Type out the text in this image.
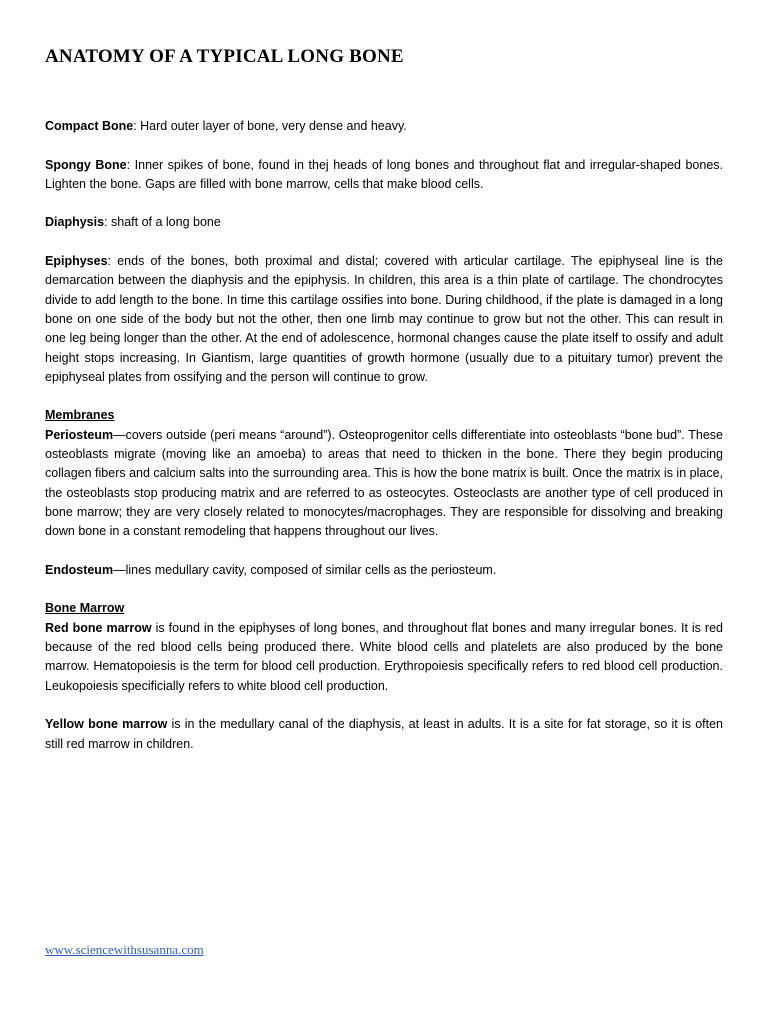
ANATOMY OF A TYPICAL LONG BONE

Compact Bone: Hard outer layer of bone, very dense and heavy.

Spongy Bone: Inner spikes of bone, found in thej heads of long bones and throughout flat and irregular-shaped bones. Lighten the bone. Gaps are filled with bone marrow, cells that make blood cells.

Diaphysis: shaft of a long bone

Epiphyses: ends of the bones, both proximal and distal; covered with articular cartilage. The epiphyseal line is the demarcation between the diaphysis and the epiphysis. In children, this area is a thin plate of cartilage. The chondrocytes divide to add length to the bone. In time this cartilage ossifies into bone. During childhood, if the plate is damaged in a long bone on one side of the body but not the other, then one limb may continue to grow but not the other. This can result in one leg being longer than the other. At the end of adolescence, hormonal changes cause the plate itself to ossify and adult height stops increasing. In Giantism, large quantities of growth hormone (usually due to a pituitary tumor) prevent the epiphyseal plates from ossifying and the person will continue to grow.

Membranes

Periosteum—covers outside (peri means “around”). Osteoprogenitor cells differentiate into osteoblasts “bone bud”. These osteoblasts migrate (moving like an amoeba) to areas that need to thicken in the bone. There they begin producing collagen fibers and calcium salts into the surrounding area. This is how the bone matrix is built. Once the matrix is in place, the osteoblasts stop producing matrix and are referred to as osteocytes. Osteoclasts are another type of cell produced in bone marrow; they are very closely related to monocytes/macrophages. They are responsible for dissolving and breaking down bone in a constant remodeling that happens throughout our lives.

Endosteum—lines medullary cavity, composed of similar cells as the periosteum.

Bone Marrow

Red bone marrow is found in the epiphyses of long bones, and throughout flat bones and many irregular bones. It is red because of the red blood cells being produced there. White blood cells and platelets are also produced by the bone marrow. Hematopoiesis is the term for blood cell production. Erythropoiesis specifically refers to red blood cell production. Leukopoiesis specificially refers to white blood cell production.

Yellow bone marrow is in the medullary canal of the diaphysis, at least in adults. It is a site for fat storage, so it is often still red marrow in children.

www.sciencewithsusanna.com
